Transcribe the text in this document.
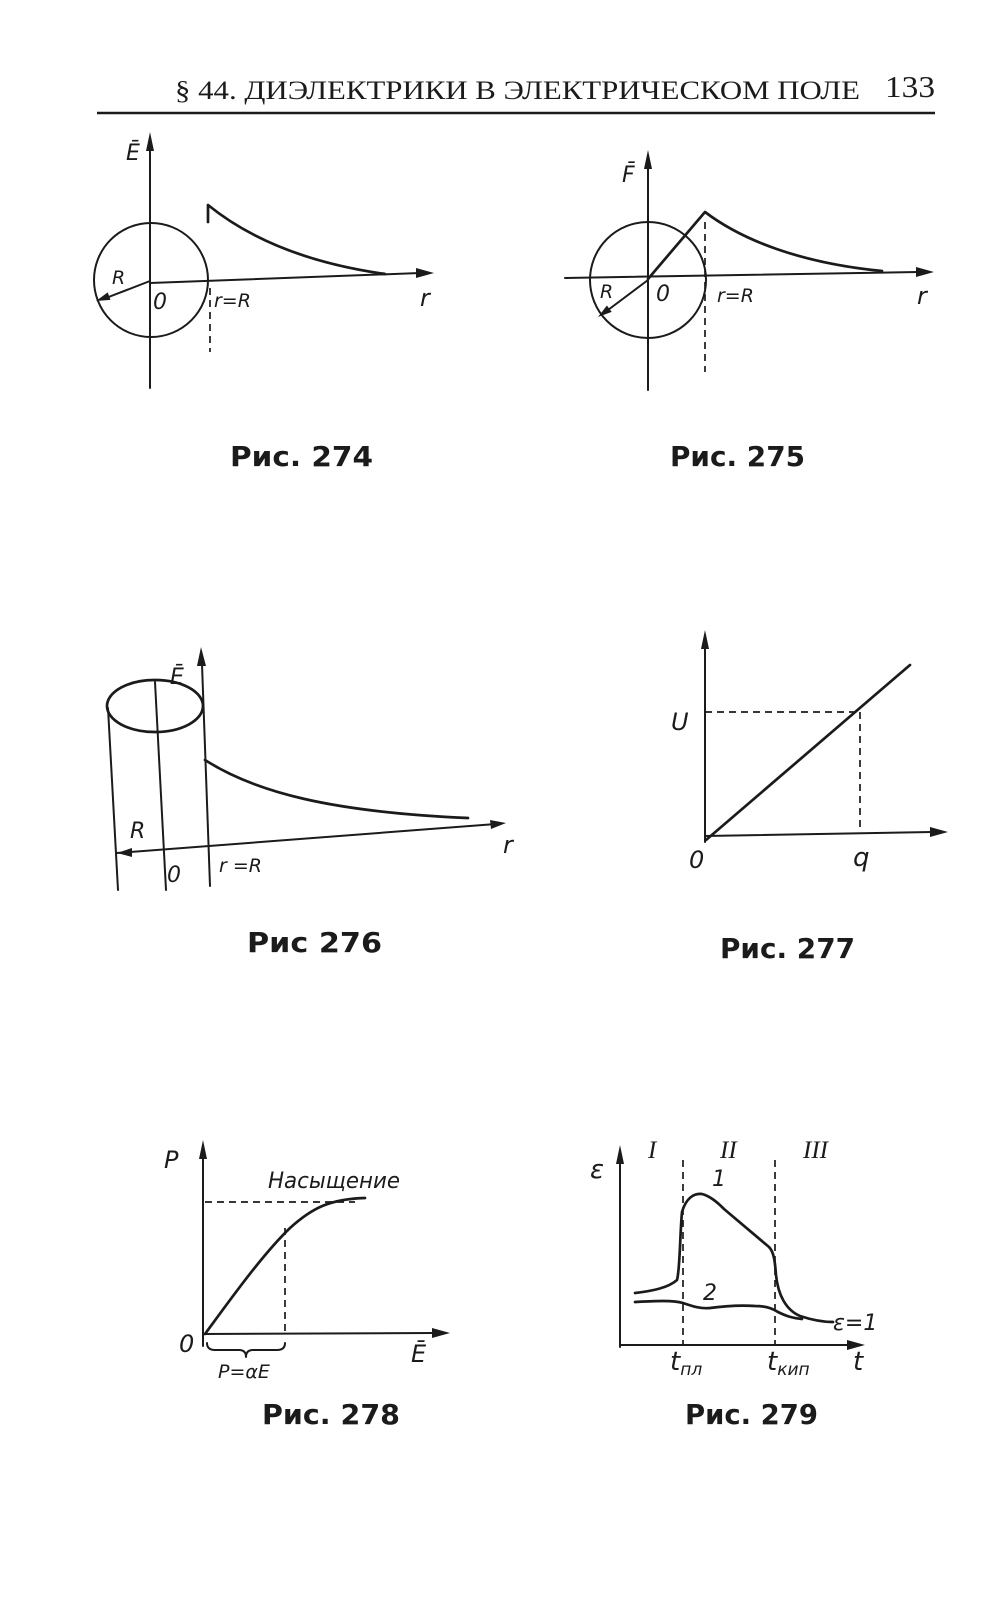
§ 44. ДИЭЛЕКТРИКИ В ЭЛЕКТРИЧЕСКОМ ПОЛЕ 133
Ē
R
0 r=R	r
Рис. 274
F̄
R 0 r=R	r
Рис. 275
Ē
R
0 r =R
r
Рис 276
U
0	q
Рис. 277
P
0	Ē
Насыщение
P=αE
Рис. 278
ε
I	II	III
1
2
ε=1
tпл tкип t
Рис. 279
